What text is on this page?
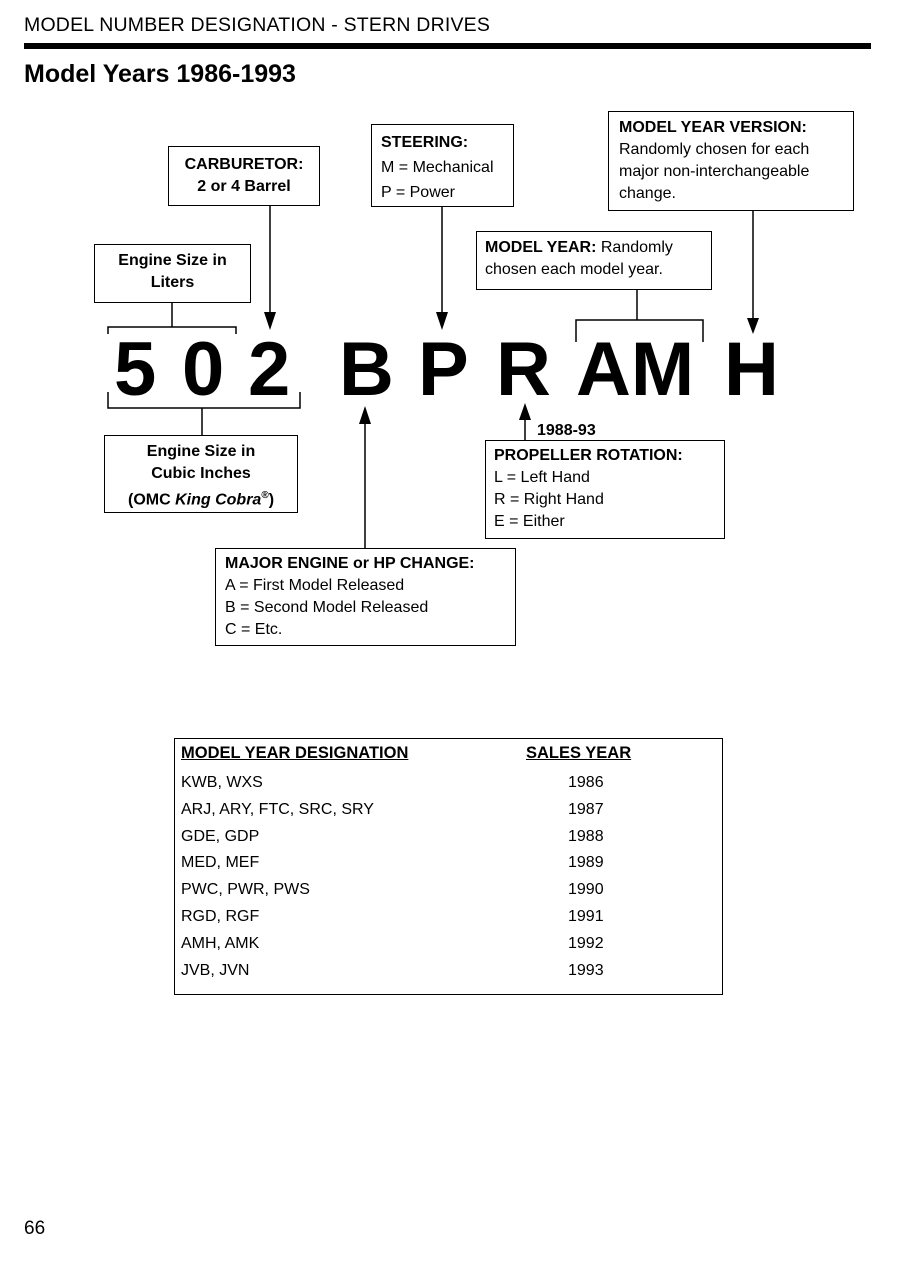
MODEL NUMBER DESIGNATION - STERN DRIVES
Model Years 1986-1993
5 0 2 B P R AM H
CARBURETOR:
2 or 4 Barrel
Engine Size in Liters
STEERING:
M = Mechanical
P = Power
MODEL YEAR VERSION:
Randomly chosen for each
major non-interchangeable
change.
MODEL YEAR: Randomly
chosen each model year.
Engine Size in
Cubic Inches
(OMC King Cobra®)
1988-93
PROPELLER ROTATION:
L = Left Hand
R = Right Hand
E = Either
MAJOR ENGINE or HP CHANGE:
A = First Model Released
B = Second Model Released
C = Etc.
MODEL YEAR DESIGNATION	SALES YEAR
KWB, WXS	1986
ARJ, ARY, FTC, SRC, SRY	1987
GDE, GDP	1988
MED, MEF	1989
PWC, PWR, PWS	1990
RGD, RGF	1991
AMH, AMK	1992
JVB, JVN	1993
66
